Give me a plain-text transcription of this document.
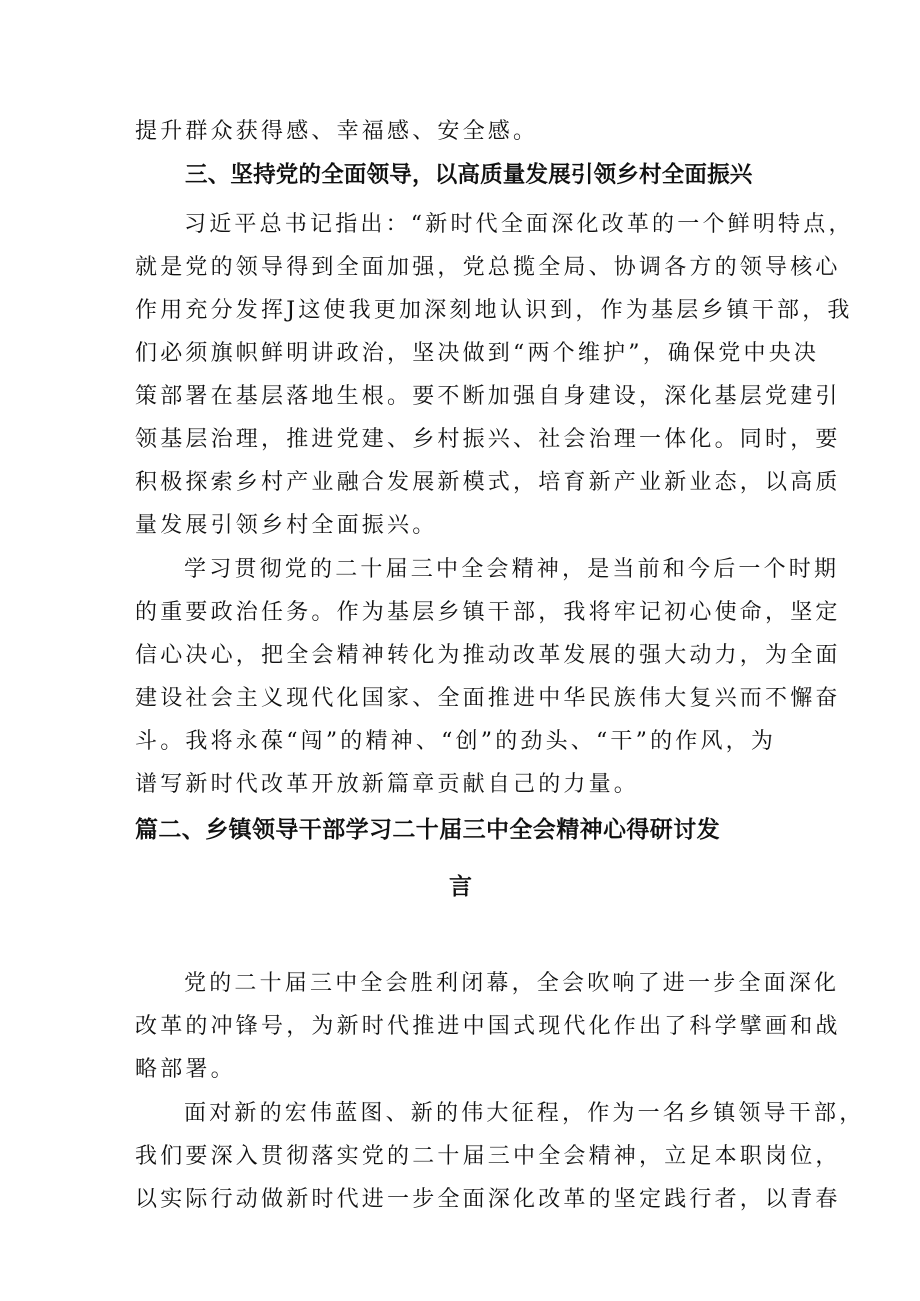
提升群众获得感、幸福感、安全感。
三、坚持党的全面领导，以高质量发展引领乡村全面振兴
习近平总书记指出：“新时代全面深化改革的一个鲜明特点，
就是党的领导得到全面加强，党总揽全局、协调各方的领导核心
作用充分发挥J这使我更加深刻地认识到，作为基层乡镇干部，我
们必须旗帜鲜明讲政治，坚决做到“两个维护”，确保党中央决
策部署在基层落地生根。要不断加强自身建设，深化基层党建引
领基层治理，推进党建、乡村振兴、社会治理一体化。同时，要
积极探索乡村产业融合发展新模式，培育新产业新业态，以高质
量发展引领乡村全面振兴。
学习贯彻党的二十届三中全会精神，是当前和今后一个时期
的重要政治任务。作为基层乡镇干部，我将牢记初心使命，坚定
信心决心，把全会精神转化为推动改革发展的强大动力，为全面
建设社会主义现代化国家、全面推进中华民族伟大复兴而不懈奋
斗。我将永葆“闯”的精神、“创”的劲头、“干”的作风，为
谱写新时代改革开放新篇章贡献自己的力量。
篇二、乡镇领导干部学习二十届三中全会精神心得研讨发
言
党的二十届三中全会胜利闭幕，全会吹响了进一步全面深化
改革的冲锋号，为新时代推进中国式现代化作出了科学擘画和战
略部署。
面对新的宏伟蓝图、新的伟大征程，作为一名乡镇领导干部，
我们要深入贯彻落实党的二十届三中全会精神，立足本职岗位，
以实际行动做新时代进一步全面深化改革的坚定践行者，以青春
